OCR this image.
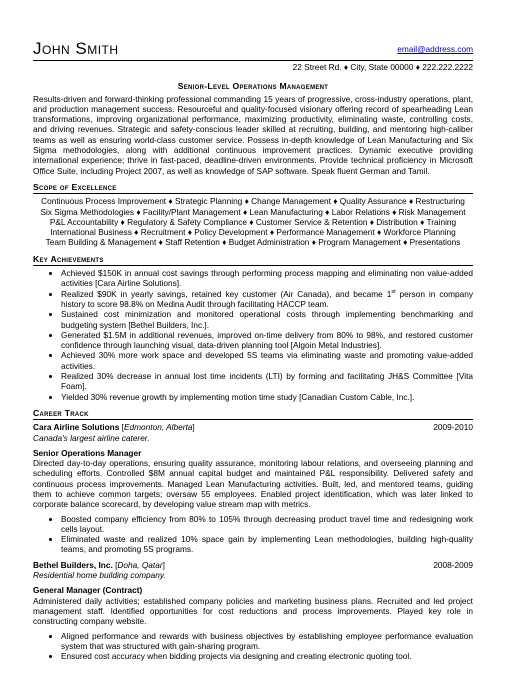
John Smith	email@address.com
22 Street Rd. ♦ City, State 00000 ♦ 222.222.2222
Senior-Level Operations Management
Results-driven and forward-thinking professional commanding 15 years of progressive, cross-industry operations, plant, and production management success. Resourceful and quality-focused visionary offering record of spearheading Lean transformations, improving organizational performance, maximizing productivity, eliminating waste, controlling costs, and driving revenues. Strategic and safety-conscious leader skilled at recruiting, building, and mentoring high-caliber teams as well as ensuring world-class customer service. Possess in-depth knowledge of Lean Manufacturing and Six Sigma methodologies, along with additional continuous improvement practices. Dynamic executive providing international experience; thrive in fast-paced, deadline-driven environments. Provide technical proficiency in Microsoft Office Suite, including Project 2007, as well as knowledge of SAP software. Speak fluent German and Tamil.
Scope of Excellence
Continuous Process Improvement ♦ Strategic Planning ♦ Change Management ♦ Quality Assurance ♦ Restructuring
Six Sigma Methodologies ♦ Facility/Plant Management ♦ Lean Manufacturing ♦ Labor Relations ♦ Risk Management
P&L Accountability ♦ Regulatory & Safety Compliance ♦ Customer Service & Retention ♦ Distribution ♦ Training
International Business ♦ Recruitment ♦ Policy Development ♦ Performance Management ♦ Workforce Planning
Team Building & Management ♦ Staff Retention ♦ Budget Administration ♦ Program Management ♦ Presentations
Key Achievements
• Achieved $150K in annual cost savings through performing process mapping and eliminating non value-added activities [Cara Airline Solutions].
• Realized $90K in yearly savings, retained key customer (Air Canada), and became 1st person in company history to score 98.8% on Medina Audit through facilitating HACCP team.
• Sustained cost minimization and monitored operational costs through implementing benchmarking and budgeting system [Bethel Builders, Inc.].
• Generated $1.5M in additional revenues, improved on-time delivery from 80% to 98%, and restored customer confidence through launching visual, data-driven planning tool [Algoin Metal Industries].
• Achieved 30% more work space and developed 5S teams via eliminating waste and promoting value-added activities.
• Realized 30% decrease in annual lost time incidents (LTI) by forming and facilitating JH&S Committee [Vita Foam].
• Yielded 30% revenue growth by implementing motion time study [Canadian Custom Cable, Inc.].
Career Track
Cara Airline Solutions [Edmonton, Alberta]	2009-2010
Canada's largest airline caterer.
Senior Operations Manager
Directed day-to-day operations, ensuring quality assurance, monitoring labour relations, and overseeing planning and scheduling efforts. Controlled $8M annual capital budget and maintained P&L responsibility. Delivered safety and continuous process improvements. Managed Lean Manufacturing activities. Built, led, and mentored teams, guiding them to achieve common targets; oversaw 55 employees. Enabled project identification, which was later linked to corporate balance scorecard, by developing value stream map with metrics.
• Boosted company efficiency from 80% to 105% through decreasing product travel time and redesigning work cells layout.
• Eliminated waste and realized 10% space gain by implementing Lean methodologies, building high-quality teams, and promoting 5S programs.
Bethel Builders, Inc. [Doha, Qatar]	2008-2009
Residential home building company.
General Manager (Contract)
Administered daily activities; established company policies and marketing business plans. Recruited and led project management staff. Identified opportunities for cost reductions and process improvements. Played key role in constructing company website.
• Aligned performance and rewards with business objectives by establishing employee performance evaluation system that was structured with gain-sharing program.
• Ensured cost accuracy when bidding projects via designing and creating electronic quoting tool.
